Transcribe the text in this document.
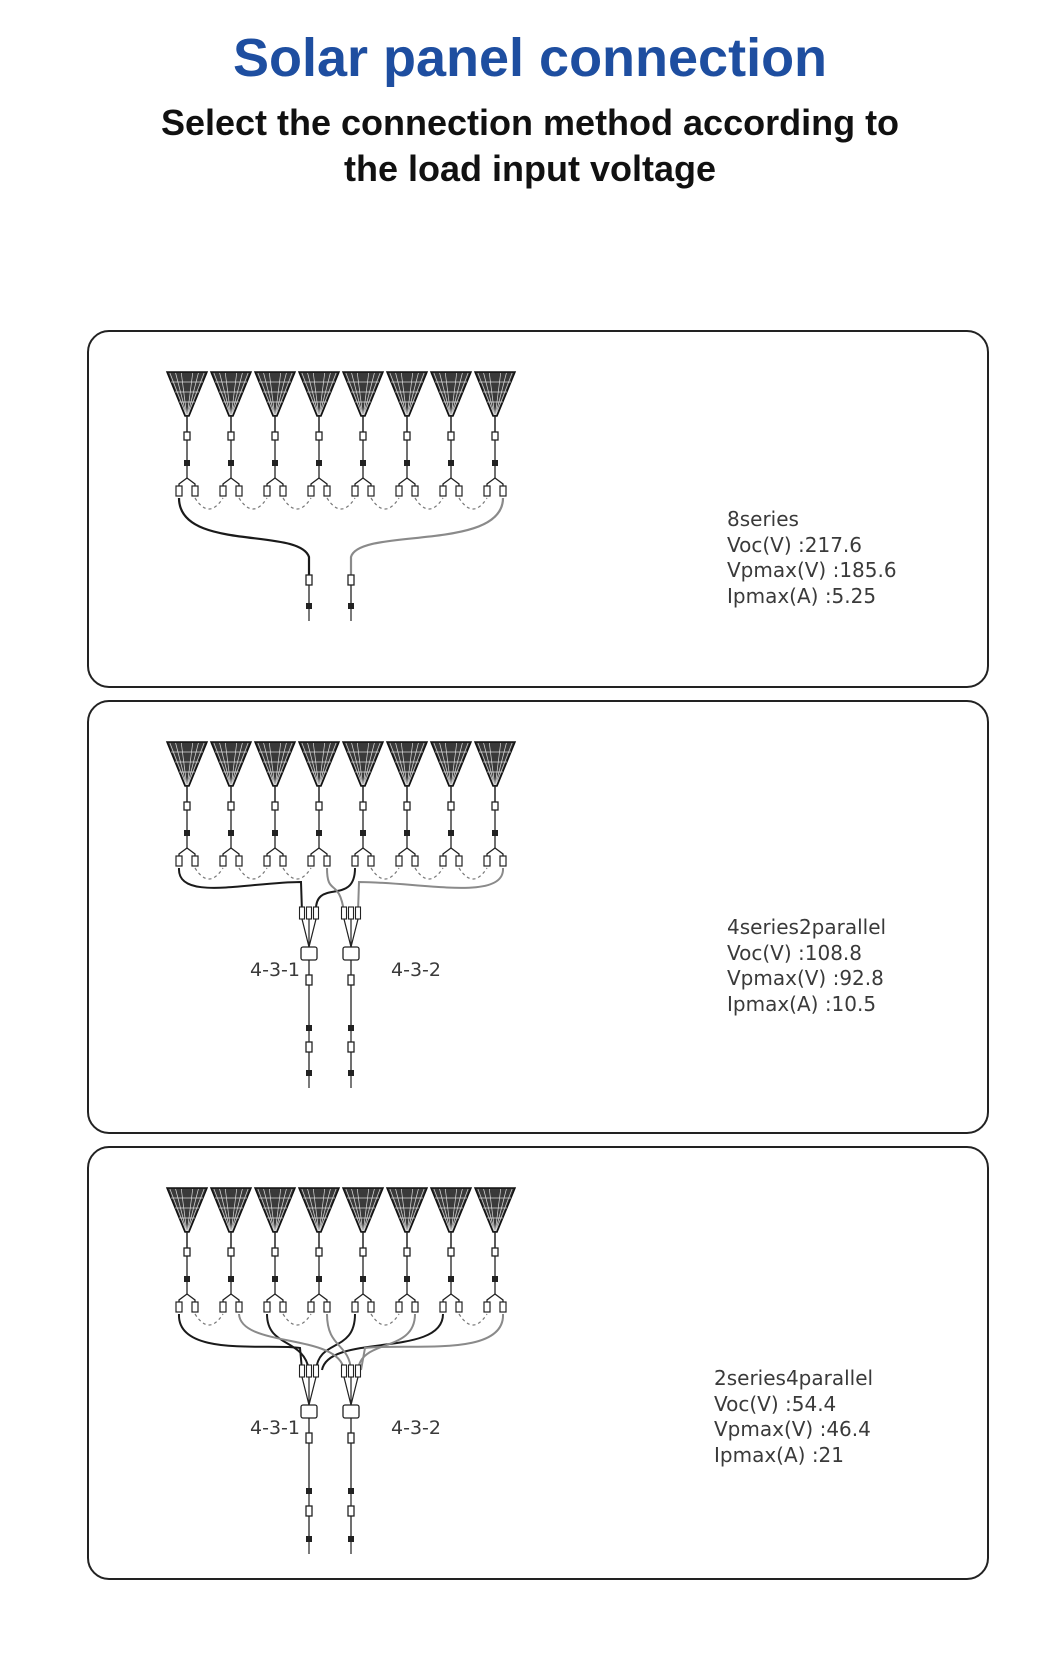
Solar panel connection
Select the connection method according to
the load input voltage
8series
Voc(V) :217.6
Vpmax(V) :185.6
Ipmax(A) :5.25
4-3-1	4-3-2
4series2parallel
Voc(V) :108.8
Vpmax(V) :92.8
Ipmax(A) :10.5
4-3-1	4-3-2
2series4parallel
Voc(V) :54.4
Vpmax(V) :46.4
Ipmax(A) :21
